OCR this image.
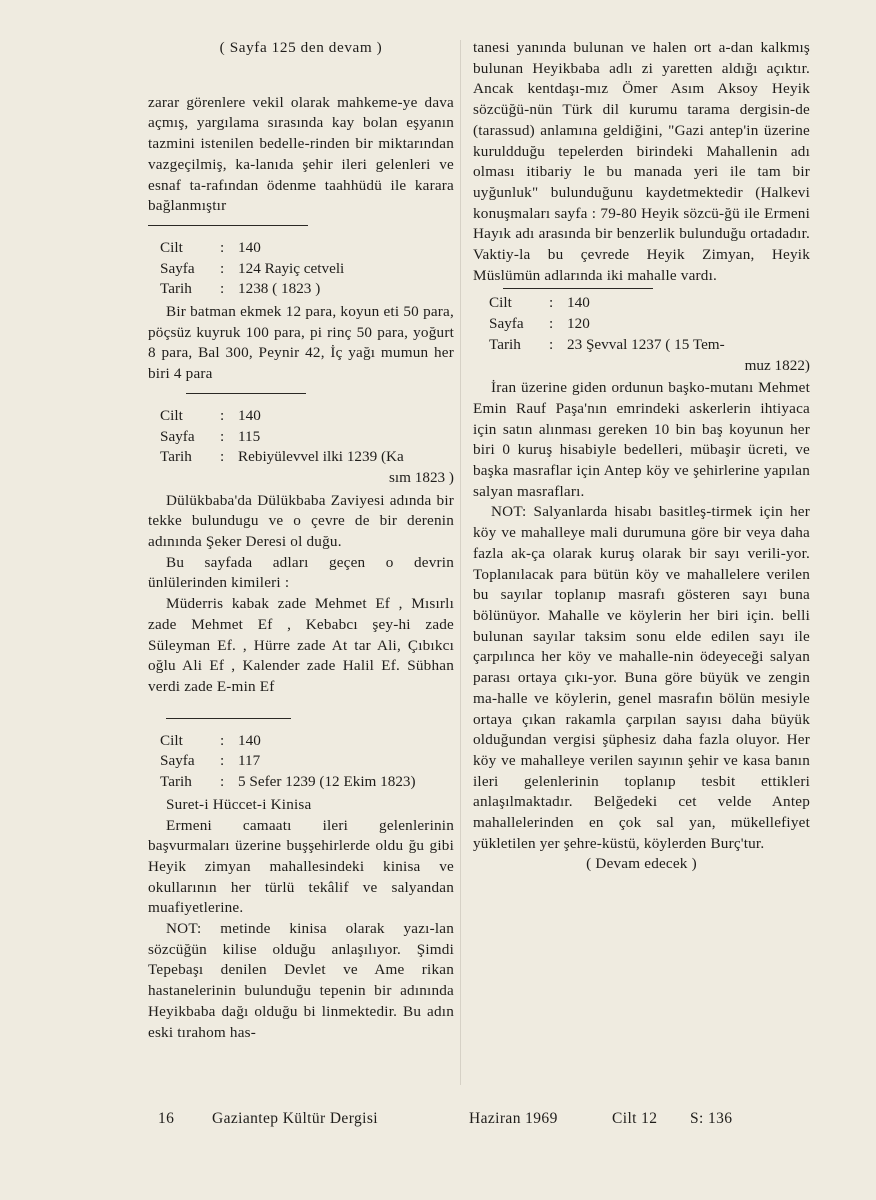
( Sayfa 125 den devam )

zarar görenlere vekil olarak mahkeme-ye dava açmış, yargılama sırasında kay bolan eşyanın tazmini istenilen bedelle-rinden bir miktarından vazgeçilmiş, ka-lanıda şehir ileri gelenleri ve esnaf ta-rafından ödenme taahhüdü ile karara bağlanmıştır

Cilt	: 140
Sayfa	: 124 Rayiç cetveli
Tarih	: 1238 ( 1823 )

Bir batman ekmek 12 para, koyun eti 50 para, pöçsüz kuyruk 100 para, pi rinç 50 para, yoğurt 8 para, Bal 300, Peynir 42, İç yağı mumun her biri 4 para

Cilt	: 140
Sayfa	: 115
Tarih	: Rebiyülevvel ilki 1239 (Ka
sım 1823 )

Dülükbaba'da Dülükbaba Zaviyesi adında bir tekke bulundugu ve o çevre de bir derenin adınında Şeker Deresi ol duğu.

Bu sayfada adları geçen o devrin ünlülerinden kimileri :

Müderris kabak zade Mehmet Ef , Mısırlı zade Mehmet Ef , Kebabcı şey-hi zade Süleyman Ef. , Hürre zade At tar Ali, Çıbıkcı oğlu Ali Ef , Kalender zade Halil Ef. Sübhan verdi zade E-min Ef

Cilt	: 140
Sayfa	: 117
Tarih	: 5 Sefer 1239 (12 Ekim 1823)

Suret-i Hüccet-i Kinisa

Ermeni camaatı ileri gelenlerinin başvurmaları üzerine buşşehirlerde oldu ğu gibi Heyik zimyan mahallesindeki kinisa ve okullarının her türlü tekâlif ve salyandan muafiyetlerine.

NOT: metinde kinisa olarak yazı-lan sözcüğün kilise olduğu anlaşılıyor. Şimdi Tepebaşı denilen Devlet ve Ame rikan hastanelerinin bulunduğu tepenin bir adınında Heyikbaba dağı olduğu bi linmektedir. Bu adın eski tırahom has-

tanesi yanında bulunan ve halen ort a-dan kalkmış bulunan Heyikbaba adlı zi yaretten aldığı açıktır. Ancak kentdaşı-mız Ömer Asım Aksoy Heyik sözcüğü-nün Türk dil kurumu tarama dergisin-de (tarassud) anlamına geldiğini, "Gazi antep'in üzerine kuruldduğu tepelerden birindeki Mahallenin adı olması itibariy le bu manada yeri ile tam bir uyğunluk" bulunduğunu kaydetmektedir (Halkevi konuşmaları sayfa : 79-80 Heyik sözcü-ğü ile Ermeni Hayık adı arasında bir benzerlik bulunduğu ortadadır. Vaktiy-la bu çevrede Heyik Zimyan, Heyik Müslümün adlarında iki mahalle vardı.

Cilt	: 140
Sayfa	: 120
Tarih	: 23 Şevval 1237 ( 15 Tem-
muz 1822)

İran üzerine giden ordunun başko-mutanı Mehmet Emin Rauf Paşa'nın emrindeki askerlerin ihtiyaca için satın alınması gereken 10 bin baş koyunun her biri 0 kuruş hisabiyle bedelleri, mübaşir ücreti, ve başka masraflar için Antep köy ve şehirlerine yapılan salyan masrafları.

NOT: Salyanlarda hisabı basitleş-tirmek için her köy ve mahalleye mali durumuna göre bir veya daha fazla ak-ça olarak kuruş olarak bir sayı verili-yor. Toplanılacak para bütün köy ve mahallelere verilen bu sayılar toplanıp masrafı gösteren sayı buna bölünüyor. Mahalle ve köylerin her biri için. belli bulunan sayılar taksim sonu elde edilen sayı ile çarpılınca her köy ve mahalle-nin ödeyeceği salyan parası ortaya çıkı-yor. Buna göre büyük ve zengin ma-halle ve köylerin, genel masrafın bölün mesiyle ortaya çıkan rakamla çarpılan sayısı daha büyük olduğundan vergisi şüphesiz daha fazla oluyor. Her köy ve mahalleye verilen sayının şehir ve kasa banın ileri gelenlerinin toplanıp tesbit ettikleri anlaşılmaktadır. Belğedeki cet velde Antep mahallelerinden en çok sal yan, mükellefiyet yükletilen yer şehre-küstü, köylerden Burç'tur.

( Devam edecek )

16 Gaziantep Kültür Dergisi	Haziran 1969	Cilt 12 S: 136
